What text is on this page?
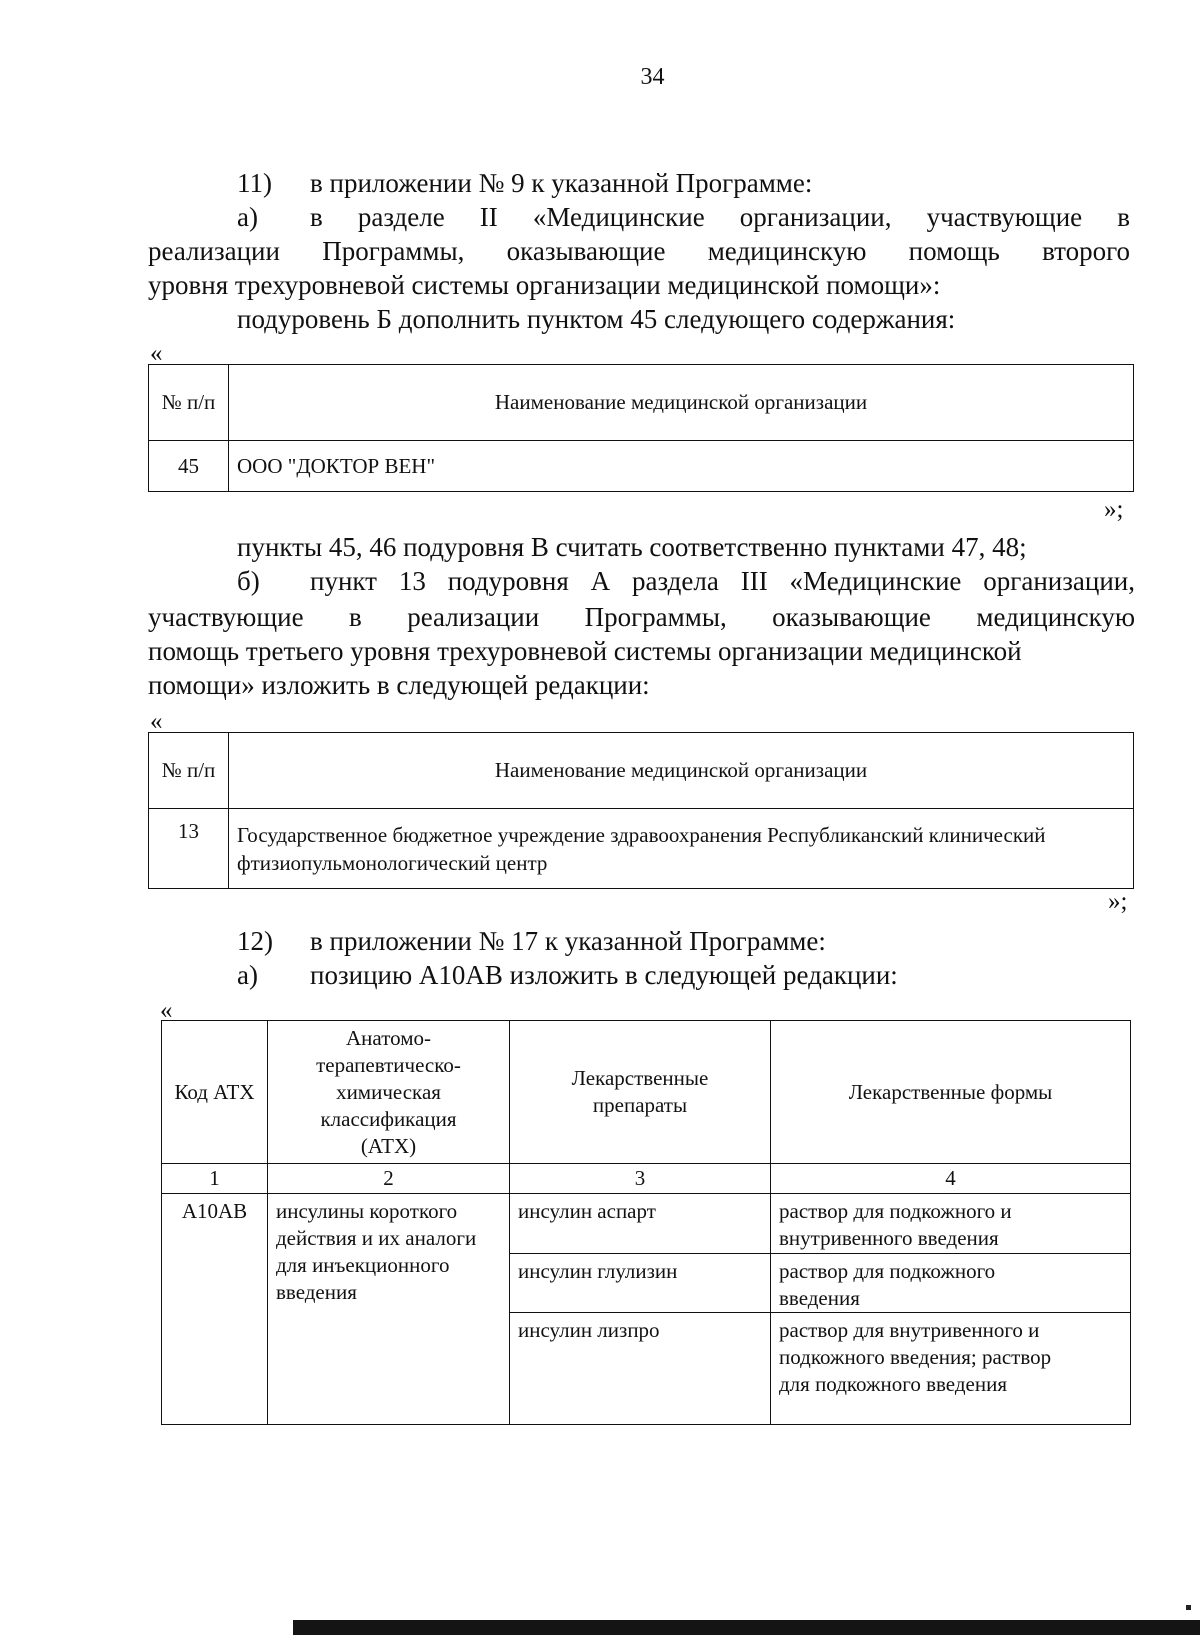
34
11) в приложении № 9 к указанной Программе:
а) в разделе II «Медицинские организации, участвующие в
реализации Программы, оказывающие медицинскую помощь второго
уровня трехуровневой системы организации медицинской помощи»:
подуровень Б дополнить пунктом 45 следующего содержания:
«
№ п/п	Наименование медицинской организации
45	ООО "ДОКТОР ВЕН"
»;
пункты 45, 46 подуровня В считать соответственно пунктами 47, 48;
б) пункт 13 подуровня А раздела III «Медицинские организации,
участвующие в реализации Программы, оказывающие медицинскую
помощь третьего уровня трехуровневой системы организации медицинской
помощи» изложить в следующей редакции:
«
№ п/п	Наименование медицинской организации
13	Государственное бюджетное учреждение здравоохранения Республиканский клинический фтизиопульмонологический центр
»;
12) в приложении № 17 к указанной Программе:
а) позицию A10AB изложить в следующей редакции:
«
Код АТХ	Анатомо-терапевтическо-химическая классификация (АТХ)	Лекарственные препараты	Лекарственные формы
1	2	3	4
A10AB	инсулины короткого действия и их аналоги для инъекционного введения	инсулин аспарт	раствор для подкожного и внутривенного введения
		инсулин глулизин	раствор для подкожного введения
		инсулин лизпро	раствор для внутривенного и подкожного введения; раствор для подкожного введения
